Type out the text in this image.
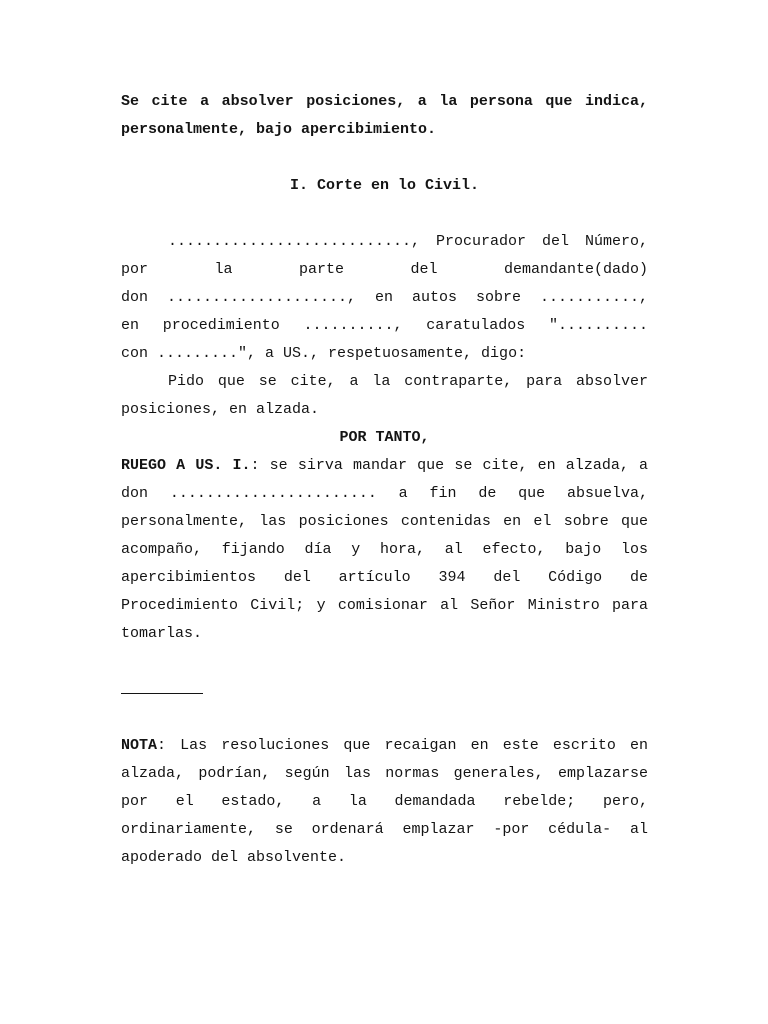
Se cite a absolver posiciones, a la persona que indica,
personalmente, bajo apercibimiento.
I. Corte en lo Civil.
..........................., Procurador del Número,
por la parte del demandante(dado)
don ...................., en autos sobre ...........,
en procedimiento .........., caratulados "..........
con .........", a US., respetuosamente, digo:
Pido que se cite, a la contraparte, para absolver
posiciones, en alzada.
POR TANTO,
RUEGO A US. I.: se sirva mandar que se cite, en alzada, a
don ....................... a fin de que absuelva,
personalmente, las posiciones contenidas en el sobre que
acompaño, fijando día y hora, al efecto, bajo los
apercibimientos del artículo 394 del Código de
Procedimiento Civil; y comisionar al Señor Ministro para
tomarlas.
NOTA: Las resoluciones que recaigan en este escrito en
alzada, podrían, según las normas generales, emplazarse
por el estado, a la demandada rebelde; pero,
ordinariamente, se ordenará emplazar -por cédula- al
apoderado del absolvente.
